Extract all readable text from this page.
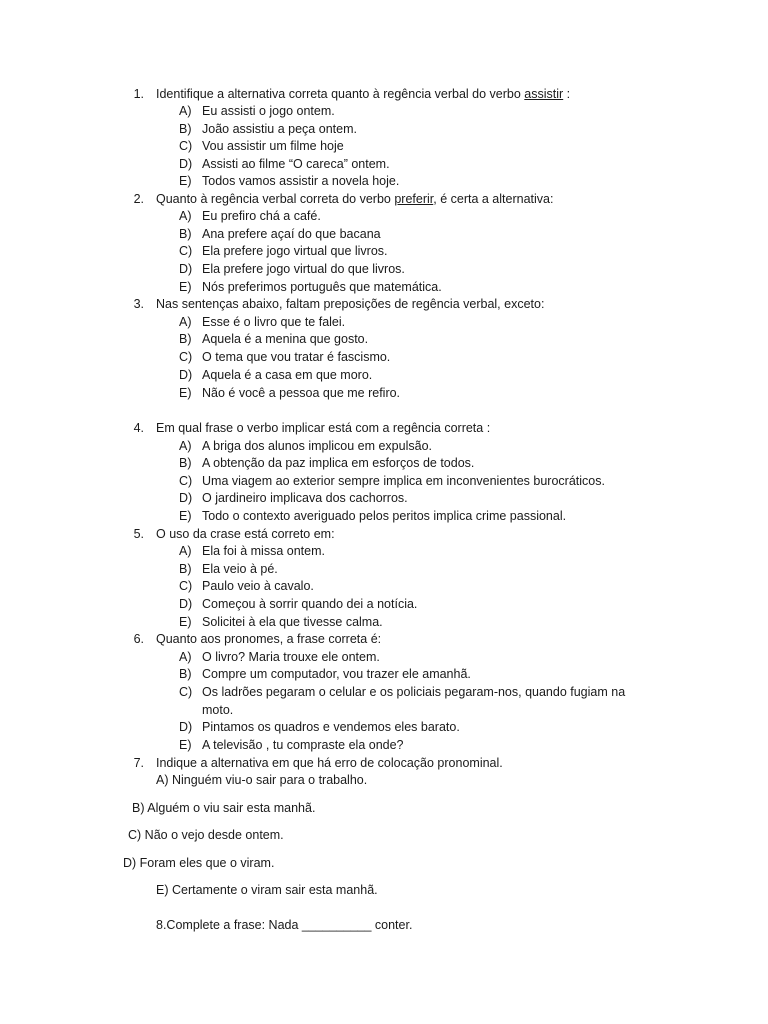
1. Identifique a alternativa correta quanto à regência verbal do verbo assistir :
A) Eu assisti o jogo ontem.
B) João assistiu a peça ontem.
C) Vou assistir um filme hoje
D) Assisti ao filme “O careca” ontem.
E) Todos vamos assistir a novela hoje.
2. Quanto à regência verbal correta do verbo preferir, é certa a alternativa:
A) Eu prefiro chá a café.
B) Ana prefere açaí do que bacana
C) Ela prefere jogo virtual que livros.
D) Ela prefere jogo virtual do que livros.
E) Nós preferimos português que matemática.
3. Nas sentenças abaixo, faltam preposições de regência verbal, exceto:
A) Esse é o livro que te falei.
B) Aquela é a menina que gosto.
C) O tema que vou tratar é fascismo.
D) Aquela é a casa em que moro.
E) Não é você a pessoa que me refiro.
4. Em qual frase o verbo implicar está com a regência correta :
A) A briga dos alunos implicou em expulsão.
B) A obtenção da paz implica em esforços de todos.
C) Uma viagem ao exterior sempre implica em inconvenientes burocráticos.
D) O jardineiro implicava dos cachorros.
E) Todo o contexto averiguado pelos peritos implica crime passional.
5. O uso da crase está correto em:
A) Ela foi à missa ontem.
B) Ela veio à pé.
C) Paulo veio à cavalo.
D) Começou à sorrir quando dei a notícia.
E) Solicitei à ela que tivesse calma.
6. Quanto aos pronomes, a frase correta é:
A) O livro? Maria trouxe ele ontem.
B) Compre um computador, vou trazer ele amanhã.
C) Os ladrões pegaram o celular e os policiais pegaram-nos, quando fugiam na
moto.
D) Pintamos os quadros e vendemos eles barato.
E) A televisão , tu compraste ela onde?
7. Indique a alternativa em que há erro de colocação pronominal.
A) Ninguém viu-o sair para o trabalho.
B) Alguém o viu sair esta manhã.
C) Não o vejo desde ontem.
D) Foram eles que o viram.
E) Certamente o viram sair esta manhã.
8.Complete a frase: Nada __________ conter.
